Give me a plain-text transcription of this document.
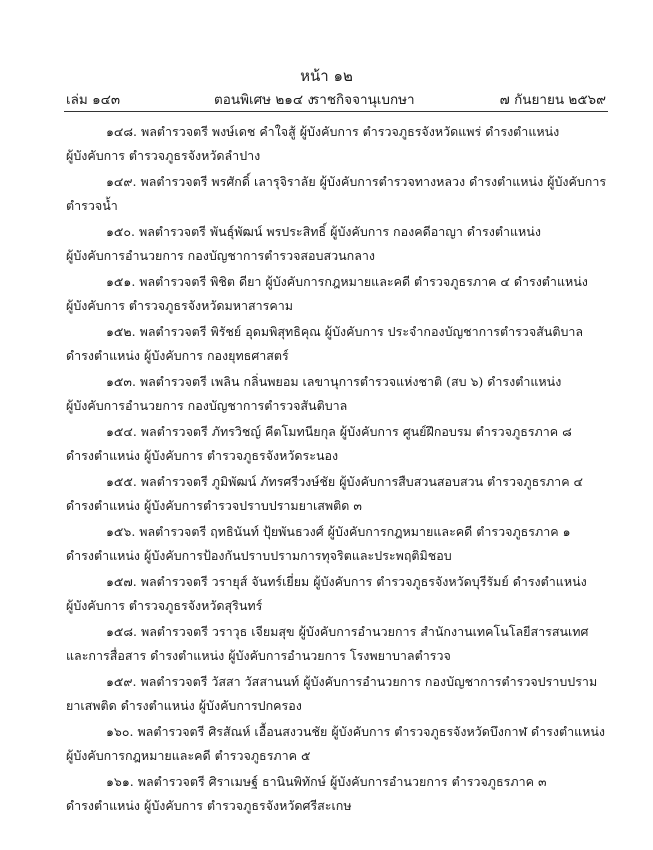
หน้า ๑๒
เล่ม ๑๔๓	ตอนพิเศษ ๒๑๔ ง
ราชกิจจานุเบกษา	๗ กันยายน ๒๕๖๙
๑๔๘. พลตำรวจตรี พงษ์เดช คำใจสู้ ผู้บังคับการ ตำรวจภูธรจังหวัดแพร่ ดำรงตำแหน่ง
ผู้บังคับการ ตำรวจภูธรจังหวัดลำปาง
๑๔๙. พลตำรวจตรี พรศักดิ์ เลารุจิราลัย ผู้บังคับการตำรวจทางหลวง ดำรงตำแหน่ง ผู้บังคับการ
ตำรวจน้ำ
๑๕๐. พลตำรวจตรี พันธุ์พัฒน์ พรประสิทธิ์ ผู้บังคับการ กองคดีอาญา ดำรงตำแหน่ง
ผู้บังคับการอำนวยการ กองบัญชาการตำรวจสอบสวนกลาง
๑๕๑. พลตำรวจตรี พิชิต ดียา ผู้บังคับการกฎหมายและคดี ตำรวจภูธรภาค ๔ ดำรงตำแหน่ง
ผู้บังคับการ ตำรวจภูธรจังหวัดมหาสารคาม
๑๕๒. พลตำรวจตรี พิรัชย์ อุดมพิสุทธิคุณ ผู้บังคับการ ประจำกองบัญชาการตำรวจสันติบาล
ดำรงตำแหน่ง ผู้บังคับการ กองยุทธศาสตร์
๑๕๓. พลตำรวจตรี เพลิน กลิ่นพยอม เลขานุการตำรวจแห่งชาติ (สบ ๖) ดำรงตำแหน่ง
ผู้บังคับการอำนวยการ กองบัญชาการตำรวจสันติบาล
๑๕๔. พลตำรวจตรี ภัทรวิชญ์ คีตโมทนียกุล ผู้บังคับการ ศูนย์ฝึกอบรม ตำรวจภูธรภาค ๘
ดำรงตำแหน่ง ผู้บังคับการ ตำรวจภูธรจังหวัดระนอง
๑๕๕. พลตำรวจตรี ภูมิพัฒน์ ภัทรศรีวงษ์ชัย ผู้บังคับการสืบสวนสอบสวน ตำรวจภูธรภาค ๔
ดำรงตำแหน่ง ผู้บังคับการตำรวจปราบปรามยาเสพติด ๓
๑๕๖. พลตำรวจตรี ฤทธินันท์ ปุ้ยพันธวงศ์ ผู้บังคับการกฎหมายและคดี ตำรวจภูธรภาค ๑
ดำรงตำแหน่ง ผู้บังคับการป้องกันปราบปรามการทุจริตและประพฤติมิชอบ
๑๕๗. พลตำรวจตรี วรายุส์ จันทร์เยี่ยม ผู้บังคับการ ตำรวจภูธรจังหวัดบุรีรัมย์ ดำรงตำแหน่ง
ผู้บังคับการ ตำรวจภูธรจังหวัดสุรินทร์
๑๕๘. พลตำรวจตรี วราวุธ เจียมสุข ผู้บังคับการอำนวยการ สำนักงานเทคโนโลยีสารสนเทศ
และการสื่อสาร ดำรงตำแหน่ง ผู้บังคับการอำนวยการ โรงพยาบาลตำรวจ
๑๕๙. พลตำรวจตรี วัสสา วัสสานนท์ ผู้บังคับการอำนวยการ กองบัญชาการตำรวจปราบปราม
ยาเสพติด ดำรงตำแหน่ง ผู้บังคับการปกครอง
๑๖๐. พลตำรวจตรี ศิรสัณห์ เอื้อนสงวนชัย ผู้บังคับการ ตำรวจภูธรจังหวัดบึงกาฬ ดำรงตำแหน่ง
ผู้บังคับการกฎหมายและคดี ตำรวจภูธรภาค ๕
๑๖๑. พลตำรวจตรี ศิราเมษฐ์ ธานินพิทักษ์ ผู้บังคับการอำนวยการ ตำรวจภูธรภาค ๓
ดำรงตำแหน่ง ผู้บังคับการ ตำรวจภูธรจังหวัดศรีสะเกษ
